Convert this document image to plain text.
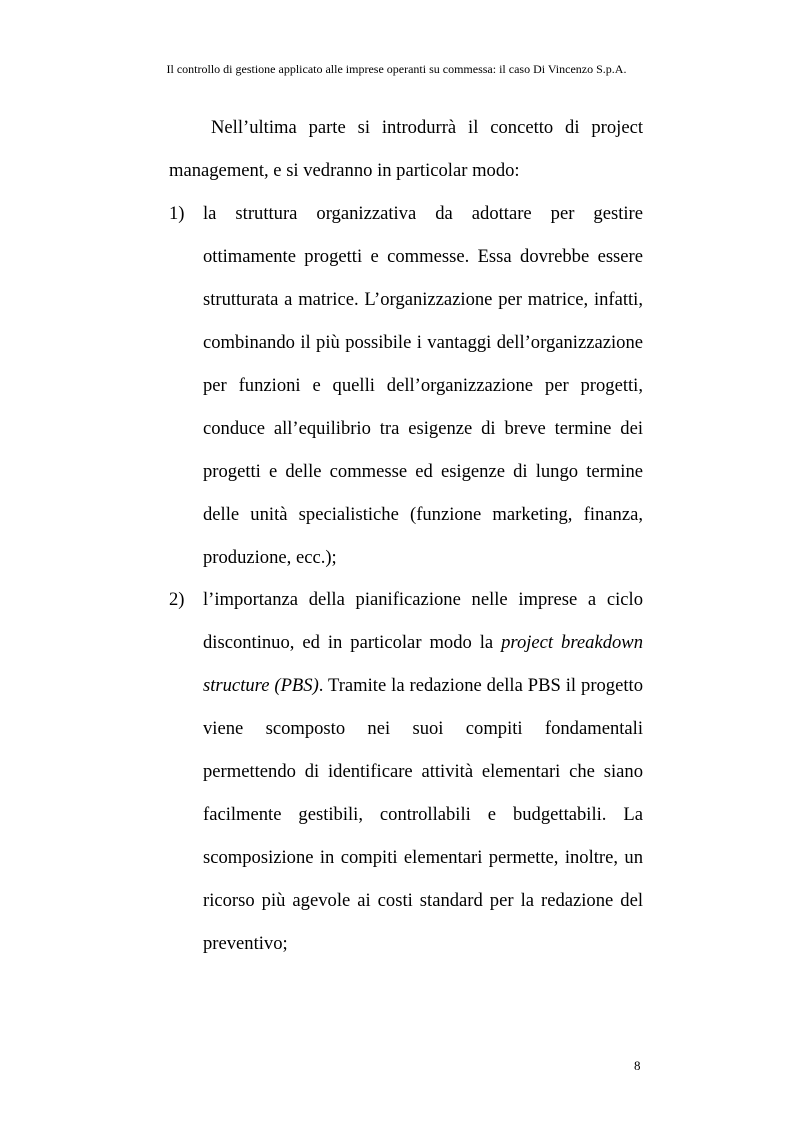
Il controllo di gestione applicato alle imprese operanti su commessa: il caso Di Vincenzo S.p.A.

Nell’ultima parte si introdurrà il concetto di project management, e si vedranno in particolar modo:

1) la struttura organizzativa da adottare per gestire ottimamente progetti e commesse. Essa dovrebbe essere strutturata a matrice. L’organizzazione per matrice, infatti, combinando il più possibile i vantaggi dell’organizzazione per funzioni e quelli dell’organizzazione per progetti, conduce all’equilibrio tra esigenze di breve termine dei progetti e delle commesse ed esigenze di lungo termine delle unità specialistiche (funzione marketing, finanza, produzione, ecc.);
2) l’importanza della pianificazione nelle imprese a ciclo discontinuo, ed in particolar modo la project breakdown structure (PBS). Tramite la redazione della PBS il progetto viene scomposto nei suoi compiti fondamentali permettendo di identificare attività elementari che siano facilmente gestibili, controllabili e budgettabili. La scomposizione in compiti elementari permette, inoltre, un ricorso più agevole ai costi standard per la redazione del preventivo;
8
